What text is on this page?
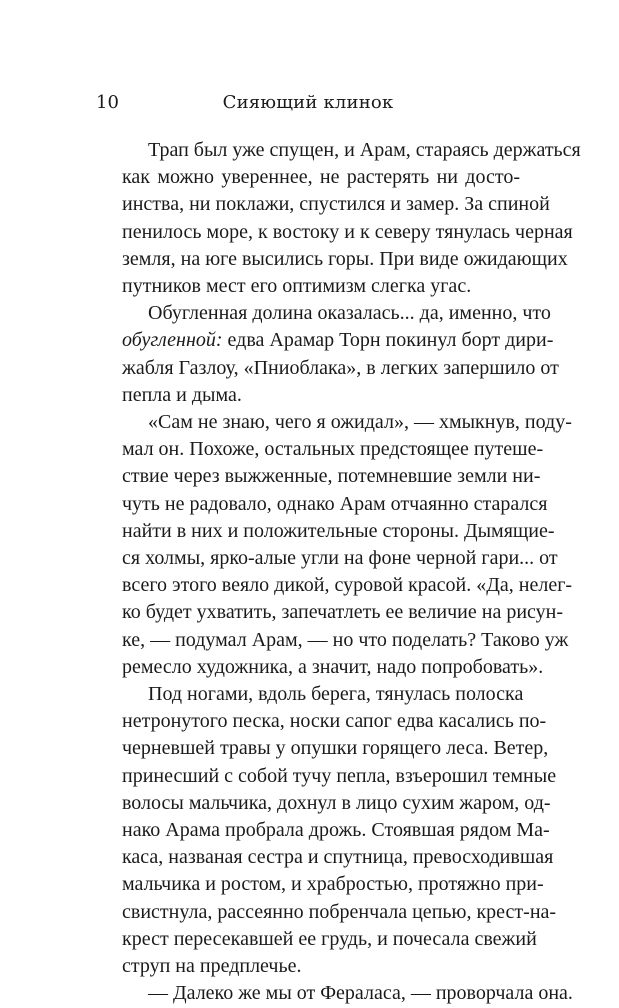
10	Сияющий клинок
Трап был уже спущен, и Арам, стараясь держаться
как можно увереннее, не растерять ни досто-
инства, ни поклажи, спустился и замер. За спиной
пенилось море, к востоку и к северу тянулась черная
земля, на юге высились горы. При виде ожидающих
путников мест его оптимизм слегка угас.
Обугленная долина оказалась... да, именно, что
обугленной: едва Арамар Торн покинул борт дири-
жабля Газлоу, «Пниоблака», в легких запершило от
пепла и дыма.
«Сам не знаю, чего я ожидал», — хмыкнув, поду-
мал он. Похоже, остальных предстоящее путеше-
ствие через выжженные, потемневшие земли ни-
чуть не радовало, однако Арам отчаянно старался
найти в них и положительные стороны. Дымящие-
ся холмы, ярко-алые угли на фоне черной гари... от
всего этого веяло дикой, суровой красой. «Да, нелег-
ко будет ухватить, запечатлеть ее величие на рисун-
ке, — подумал Арам, — но что поделать? Таково уж
ремесло художника, а значит, надо попробовать».
Под ногами, вдоль берега, тянулась полоска
нетронутого песка, носки сапог едва касались по-
черневшей травы у опушки горящего леса. Ветер,
принесший с собой тучу пепла, взъерошил темные
волосы мальчика, дохнул в лицо сухим жаром, од-
нако Арама пробрала дрожь. Стоявшая рядом Ма-
каса, названая сестра и спутница, превосходившая
мальчика и ростом, и храбростью, протяжно при-
свистнула, рассеянно побренчала цепью, крест-на-
крест пересекавшей ее грудь, и почесала свежий
струп на предплечье.
— Далеко же мы от Фераласа, — проворчала она.
